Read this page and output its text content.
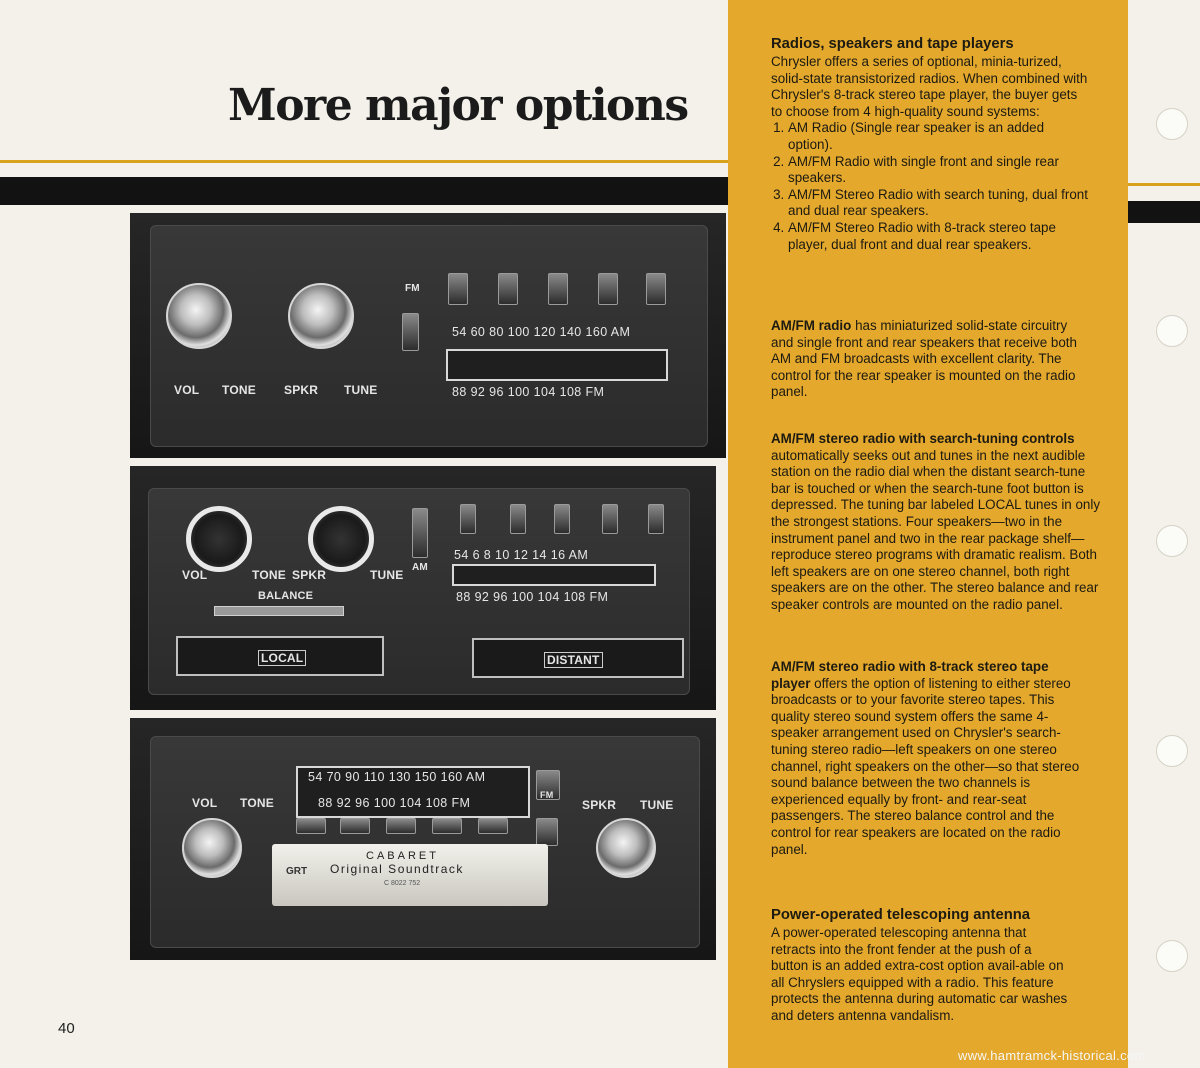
More major options
Radios, speakers and tape players

Chrysler offers a series of optional, minia-turized, solid-state transistorized radios. When combined with Chrysler's 8-track stereo tape player, the buyer gets to choose from 4 high-quality sound systems:

1. AM Radio (Single rear speaker is an added option).
2. AM/FM Radio with single front and single rear speakers.
3. AM/FM Stereo Radio with search tuning, dual front and dual rear speakers.
4. AM/FM Stereo Radio with 8-track stereo tape player, dual front and dual rear speakers.

AM/FM radio has miniaturized solid-state circuitry and single front and rear speakers that receive both AM and FM broadcasts with excellent clarity. The control for the rear speaker is mounted on the radio panel.

AM/FM stereo radio with search-tuning controls automatically seeks out and tunes in the next audible station on the radio dial when the distant search-tune bar is touched or when the search-tune foot button is depressed. The tuning bar labeled LOCAL tunes in only the strongest stations. Four speakers—two in the instrument panel and two in the rear package shelf—reproduce stereo programs with dramatic realism. Both left speakers are on one stereo channel, both right speakers are on the other. The stereo balance and rear speaker controls are mounted on the radio panel.

AM/FM stereo radio with 8-track stereo tape player offers the option of listening to either stereo broadcasts or to your favorite stereo tapes. This quality stereo sound system offers the same 4-speaker arrangement used on Chrysler's search-tuning stereo radio—left speakers on one stereo channel, right speakers on the other—so that stereo sound balance between the two channels is experienced equally by front- and rear-seat passengers. The stereo balance control and the control for rear speakers are located on the radio panel.

Power-operated telescoping antenna

A power-operated telescoping antenna that retracts into the front fender at the push of a button is an added extra-cost option avail-able on all Chryslers equipped with a radio. This feature protects the antenna during automatic car washes and deters antenna vandalism.

VOL TONE SPKR TUNE
FM
54 60 80 100 120 140 160 AM
88 92 96 100 104 108 FM
VOL	TONE SPKR	TUNE
AM
54 6 8 10 12 14 16 AM
88 92 96 100 104 108 FM
BALANCE
LOCAL	DISTANT
VOL TONE	SPKR TUNE
54 70 90 110 130 150 160 AM
88 92 96 100 104 108 FM
FM
CABARET
Original Soundtrack
GRT
C 8022 752
40
www.hamtramck-historical.com
